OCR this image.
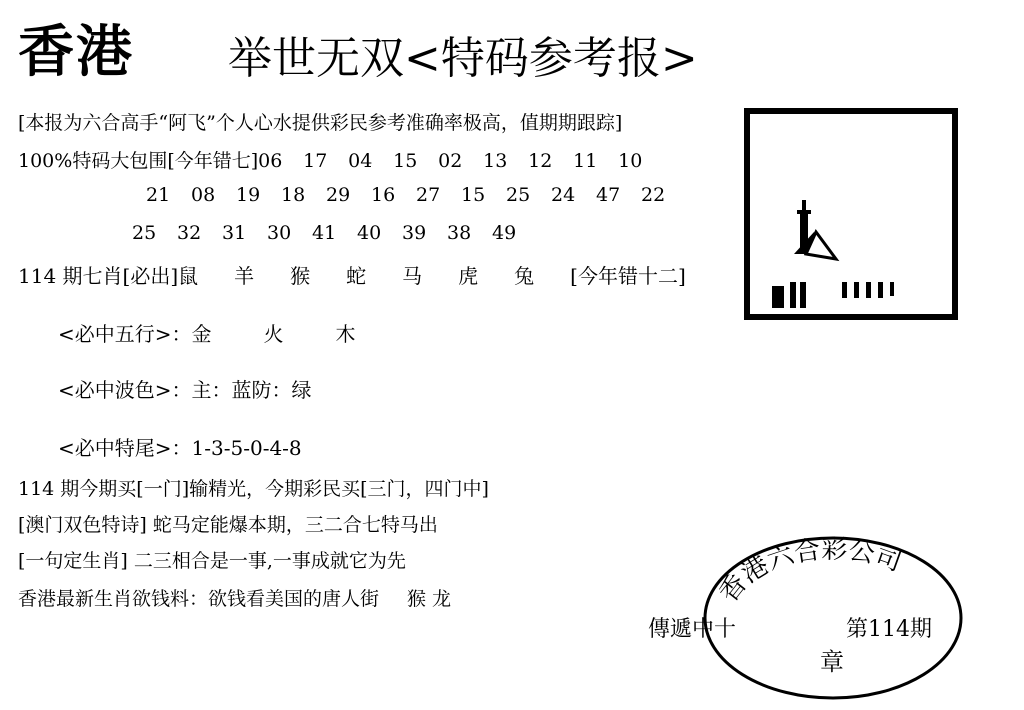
香港 举世无双<特码参考报>
[本报为六合高手“阿飞”个人心水提供彩民参考准确率极高，值期期跟踪]
100%特码大包围[今年错七]06 17 04 15 02 13 12 11 10
21 08 19 18 29 16 27 15 25 24 47 22
25 32 31 30 41 40 39 38 49
114 期七肖[必出]鼠 羊 猴 蛇 马 虎 兔 [今年错十二]
<必中五行>：金	火	木
<必中波色>：主：蓝防：绿
<必中特尾>：1-3-5-0-4-8
114 期今期买[一门]输精光，今期彩民买[三门，四门中]
[澳门双色特诗] 蛇马定能爆本期，三二合七特马出
[一句定生肖] 二三相合是一事,一事成就它为先
香港最新生肖欲钱料：欲钱看美国的唐人街 猴 龙
傳遞中十	第114期
香港六合彩公司
章
